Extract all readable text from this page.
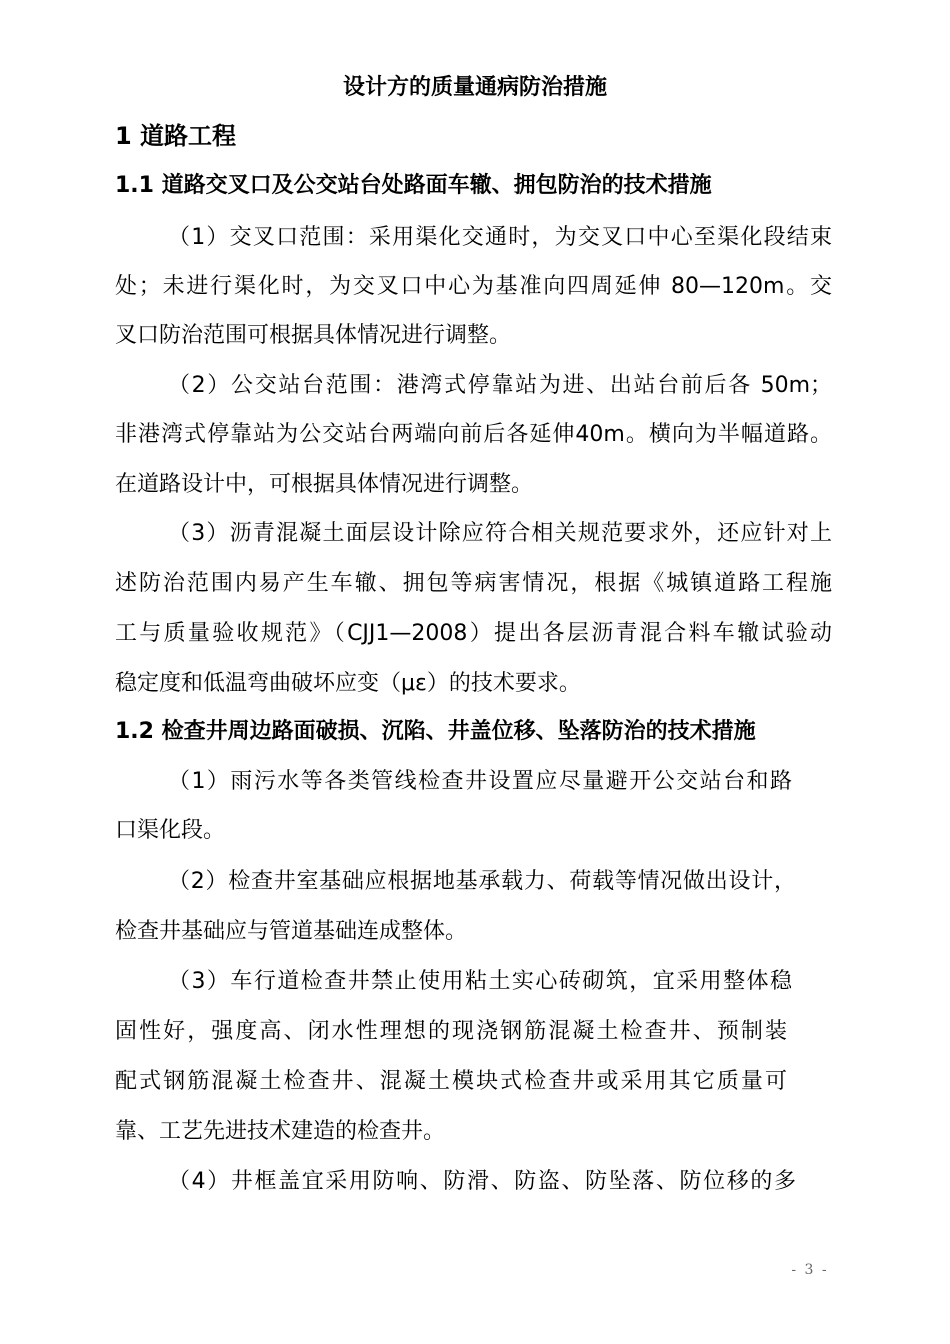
设计方的质量通病防治措施
1 道路工程
1.1 道路交叉口及公交站台处路面车辙、拥包防治的技术措施
（1）交叉口范围：采用渠化交通时，为交叉口中心至渠化段结束
处；未进行渠化时，为交叉口中心为基准向四周延伸 80—120m。交
叉口防治范围可根据具体情况进行调整。
（2）公交站台范围：港湾式停靠站为进、出站台前后各 50m；
非港湾式停靠站为公交站台两端向前后各延伸40m。横向为半幅道路。
在道路设计中，可根据具体情况进行调整。
（3）沥青混凝土面层设计除应符合相关规范要求外，还应针对上
述防治范围内易产生车辙、拥包等病害情况，根据《城镇道路工程施
工与质量验收规范》（CJJ1—2008）提出各层沥青混合料车辙试验动
稳定度和低温弯曲破坏应变（με）的技术要求。
1.2 检查井周边路面破损、沉陷、井盖位移、坠落防治的技术措施
（1）雨污水等各类管线检查井设置应尽量避开公交站台和路
口渠化段。
（2）检查井室基础应根据地基承载力、荷载等情况做出设计，
检查井基础应与管道基础连成整体。
（3）车行道检查井禁止使用粘土实心砖砌筑，宜采用整体稳
固性好，强度高、闭水性理想的现浇钢筋混凝土检查井、预制装
配式钢筋混凝土检查井、混凝土模块式检查井或采用其它质量可
靠、工艺先进技术建造的检查井。
（4）井框盖宜采用防响、防滑、防盗、防坠落、防位移的多
- 3 -
